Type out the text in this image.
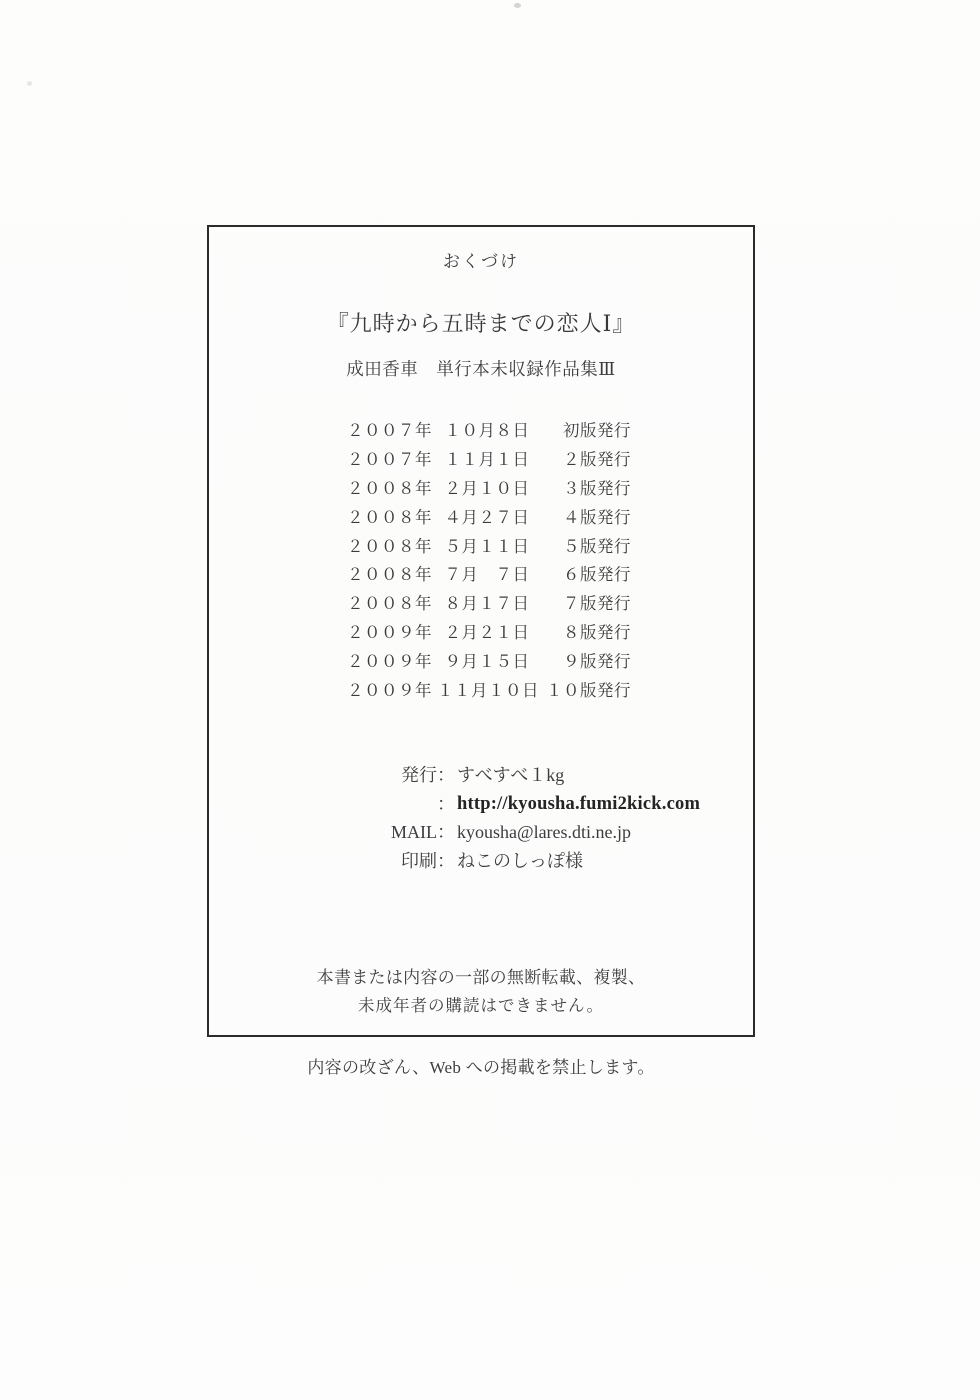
おくづけ
『九時から五時までの恋人Ⅰ』
成田香車　単行本未収録作品集Ⅲ
２００７年 １０月８日	初版発行
２００７年 １１月１日	２版発行
２００８年 ２月１０日	３版発行
２００８年 ４月２７日	４版発行
２００８年 ５月１１日	５版発行
２００８年 ７月　７日	６版発行
２００８年 ８月１７日	７版発行
２００９年 ２月２１日	８版発行
２００９年 ９月１５日	９版発行
２００９年 １１月１０日 １０版発行
発行 ： すべすべ１kg
： http://kyousha.fumi2kick.com
MAIL ： kyousha@lares.dti.ne.jp
印刷 ： ねこのしっぽ様

本書または内容の一部の無断転載、複製、

内容の改ざん、Web への掲載を禁止します。

未成年者の購読はできません。
